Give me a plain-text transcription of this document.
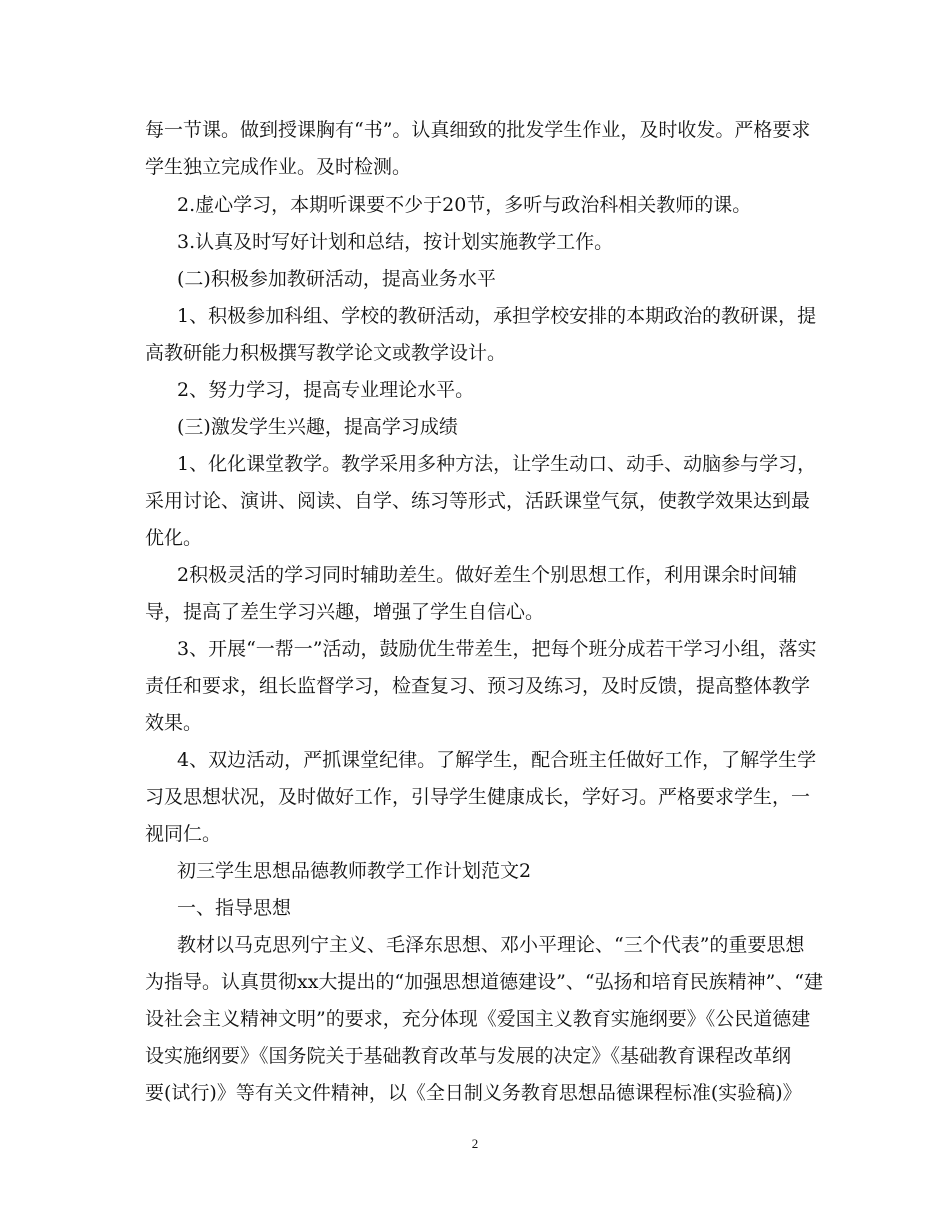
每一节课。做到授课胸有“书”。认真细致的批发学生作业，及时收发。严格要求
学生独立完成作业。及时检测。
2.虚心学习，本期听课要不少于20节，多听与政治科相关教师的课。
3.认真及时写好计划和总结，按计划实施教学工作。
(二)积极参加教研活动，提高业务水平
1、积极参加科组、学校的教研活动，承担学校安排的本期政治的教研课，提
高教研能力积极撰写教学论文或教学设计。
2、努力学习，提高专业理论水平。
(三)激发学生兴趣，提高学习成绩
1、化化课堂教学。教学采用多种方法，让学生动口、动手、动脑参与学习，
采用讨论、演讲、阅读、自学、练习等形式，活跃课堂气氛，使教学效果达到最
优化。
2积极灵活的学习同时辅助差生。做好差生个别思想工作，利用课余时间辅
导，提高了差生学习兴趣，增强了学生自信心。
3、开展“一帮一”活动，鼓励优生带差生，把每个班分成若干学习小组，落实
责任和要求，组长监督学习，检查复习、预习及练习，及时反馈，提高整体教学
效果。
4、双边活动，严抓课堂纪律。了解学生，配合班主任做好工作，了解学生学
习及思想状况，及时做好工作，引导学生健康成长，学好习。严格要求学生，一
视同仁。
初三学生思想品德教师教学工作计划范文2
一、指导思想
教材以马克思列宁主义、毛泽东思想、邓小平理论、“三个代表”的重要思想
为指导。认真贯彻xx大提出的“加强思想道德建设”、“弘扬和培育民族精神”、“建
设社会主义精神文明”的要求，充分体现《爱国主义教育实施纲要》《公民道德建
设实施纲要》《国务院关于基础教育改革与发展的决定》《基础教育课程改革纲
要(试行)》等有关文件精神，以《全日制义务教育思想品德课程标准(实验稿)》
2
